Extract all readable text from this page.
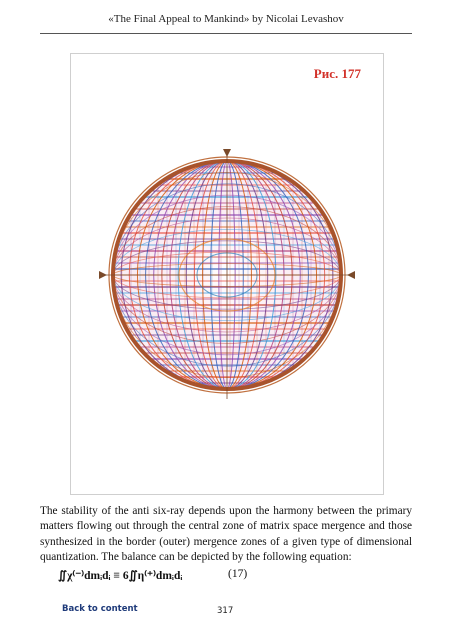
«The Final Appeal to Mankind» by Nicolai Levashov
Рис. 177
The stability of the anti six-ray depends upon the harmony between the primary matters flowing out through the central zone of matrix space mergence and those synthesized in the border (outer) mergence zones of a given type of dimensional quantization. The balance can be depicted by the following equation:
∬χ⁽⁻⁾dmᵢdᵢ ≡ 6∬η⁽⁺⁾dmᵢdᵢ	(17)
Back to content	317
